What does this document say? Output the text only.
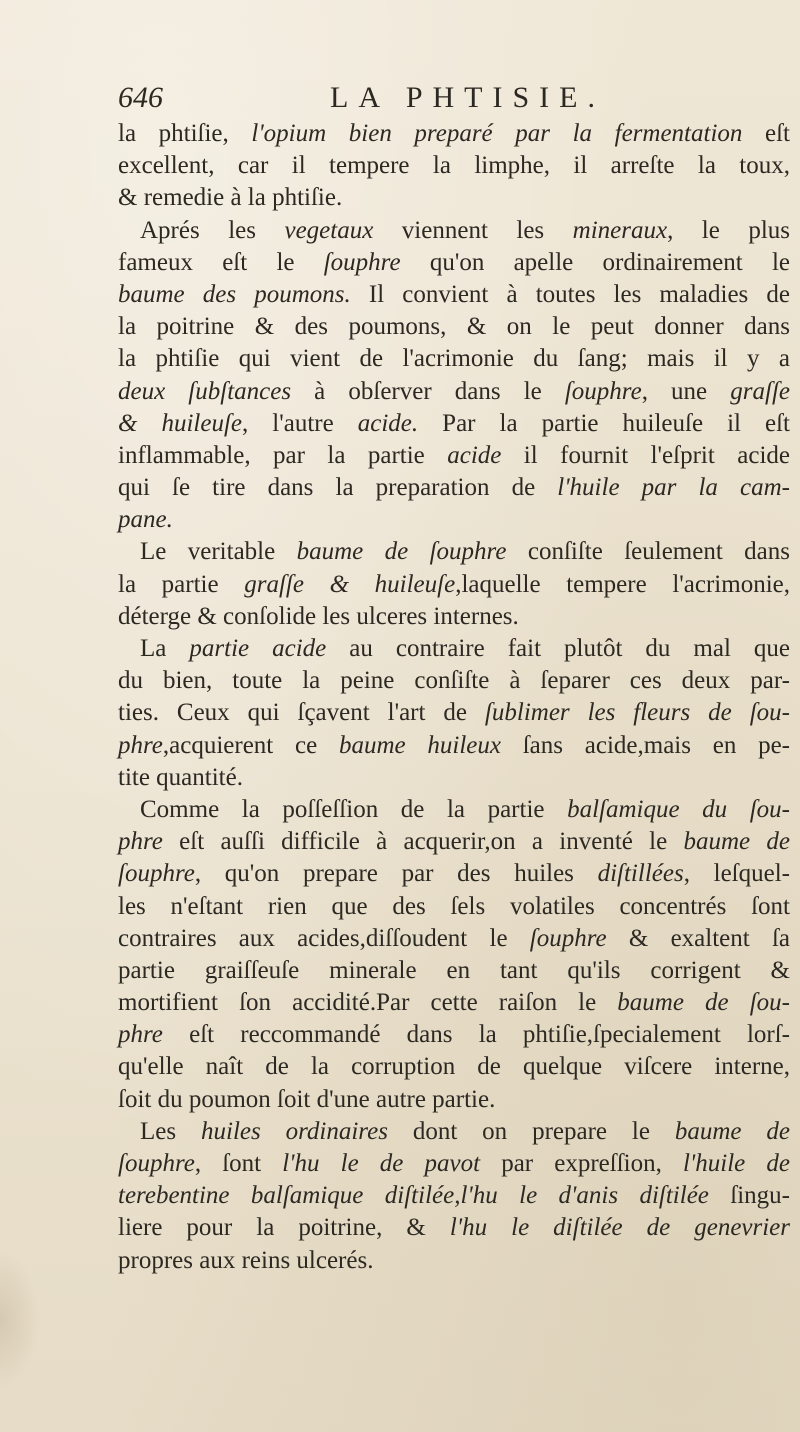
646	LA PHTISIE.
la phtiſie, l'opium bien preparé par la fermentation eſt
excellent, car il tempere la limphe, il arreſte la toux,
& remedie à la phtiſie.
Aprés les vegetaux viennent les mineraux, le plus
fameux eſt le ſouphre qu'on apelle ordinairement le
baume des poumons. Il convient à toutes les maladies de
la poitrine & des poumons, & on le peut donner dans
la phtiſie qui vient de l'acrimonie du ſang; mais il y a
deux ſubſtances à obſerver dans le ſouphre, une graſſe
& huileuſe, l'autre acide. Par la partie huileuſe il eſt
inflammable, par la partie acide il fournit l'eſprit acide
qui ſe tire dans la preparation de l'huile par la cam-
pane.
Le veritable baume de ſouphre conſiſte ſeulement dans
la partie graſſe & huileuſe,laquelle tempere l'acrimonie,
déterge & conſolide les ulceres internes.
La partie acide au contraire fait plutôt du mal que
du bien, toute la peine conſiſte à ſeparer ces deux par-
ties. Ceux qui ſçavent l'art de ſublimer les fleurs de ſou-
phre,acquierent ce baume huileux ſans acide,mais en pe-
tite quantité.
Comme la poſſeſſion de la partie balſamique du ſou-
phre eſt auſſi difficile à acquerir,on a inventé le baume de
ſouphre, qu'on prepare par des huiles diſtillées, leſquel-
les n'eſtant rien que des ſels volatiles concentrés ſont
contraires aux acides,diſſoudent le ſouphre & exaltent ſa
partie graiſſeuſe minerale en tant qu'ils corrigent &
mortifient ſon accidité.Par cette raiſon le baume de ſou-
phre eſt reccommandé dans la phtiſie,ſpecialement lorſ-
qu'elle naît de la corruption de quelque viſcere interne,
ſoit du poumon ſoit d'une autre partie.
Les huiles ordinaires dont on prepare le baume de
ſouphre, ſont l'hu le de pavot par expreſſion, l'huile de
terebentine balſamique diſtilée,l'hu le d'anis diſtilée ſingu-
liere pour la poitrine, & l'hu le diſtilée de genevrier
propres aux reins ulcerés.
